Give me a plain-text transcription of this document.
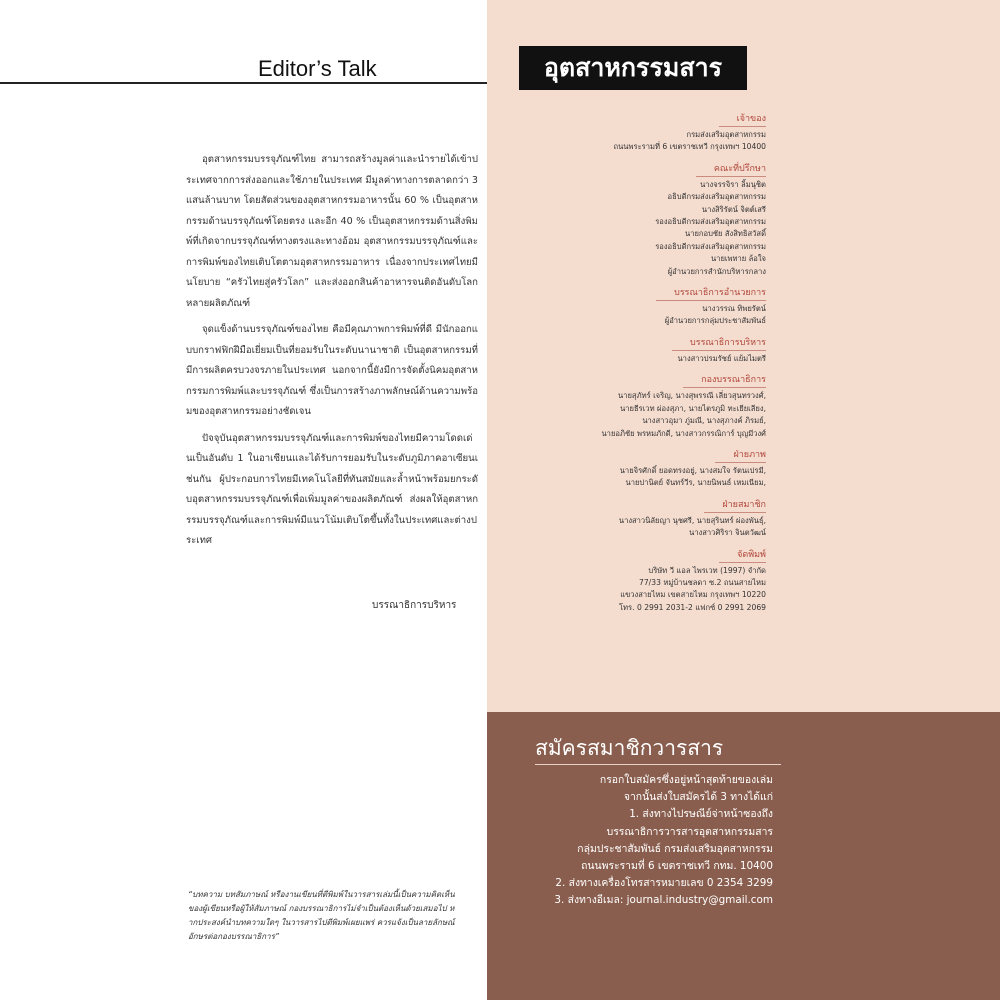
Editor’s Talk

อุตสาหกรรมบรรจุภัณฑ์ไทย สามารถสร้างมูลค่าและนำรายได้เข้าประเทศจากการส่งออกและใช้ภายในประเทศ มีมูลค่าทางการตลาดกว่า 3 แสนล้านบาท โดยสัดส่วนของอุตสาหกรรมอาหารนั้น 60 % เป็นอุตสาหกรรมด้านบรรจุภัณฑ์โดยตรง และอีก 40 % เป็นอุตสาหกรรมด้านสิ่งพิมพ์ที่เกิดจากบรรจุภัณฑ์ทางตรงและทางอ้อม อุตสาหกรรมบรรจุภัณฑ์และการพิมพ์ของไทยเติบโตตามอุตสาหกรรมอาหาร เนื่องจากประเทศไทยมีนโยบาย “ครัวไทยสู่ครัวโลก” และส่งออกสินค้าอาหารจนติดอันดับโลกหลายผลิตภัณฑ์

จุดแข็งด้านบรรจุภัณฑ์ของไทย คือมีคุณภาพการพิมพ์ที่ดี มีนักออกแบบกราฟฟิกฝีมือเยี่ยมเป็นที่ยอมรับในระดับนานาชาติ เป็นอุตสาหกรรมที่มีการผลิตครบวงจรภายในประเทศ นอกจากนี้ยังมีการจัดตั้งนิคมอุตสาหกรรมการพิมพ์และบรรจุภัณฑ์ ซึ่งเป็นการสร้างภาพลักษณ์ด้านความพร้อมของอุตสาหกรรมอย่างชัดเจน

ปัจจุบันอุตสาหกรรมบรรจุภัณฑ์และการพิมพ์ของไทยมีความโดดเด่นเป็นอันดับ 1 ในอาเซียนและได้รับการยอมรับในระดับภูมิภาคอาเซียนเช่นกัน ผู้ประกอบการไทยมีเทคโนโลยีที่ทันสมัยและล้ำหน้าพร้อมยกระดับอุตสาหกรรมบรรจุภัณฑ์เพื่อเพิ่มมูลค่าของผลิตภัณฑ์ ส่งผลให้อุตสาหกรรมบรรจุภัณฑ์และการพิมพ์มีแนวโน้มเติบโตขึ้นทั้งในประเทศและต่างประเทศ

บรรณาธิการบริหาร
“บทความ บทสัมภาษณ์ หรืองานเขียนที่ตีพิมพ์ในวารสารเล่มนี้เป็นความคิดเห็นของผู้เขียนหรือผู้ให้สัมภาษณ์ กองบรรณาธิการไม่จำเป็นต้องเห็นด้วยเสมอไป หากประสงค์นำบทความใดๆ ในวารสารไปตีพิมพ์เผยแพร่ ควรแจ้งเป็นลายลักษณ์อักษรต่อกองบรรณาธิการ”
อุตสาหกรรมสาร
เจ้าของ
กรมส่งเสริมอุตสาหกรรม
ถนนพระรามที่ 6 เขตราชเทวี กรุงเทพฯ 10400
คณะที่ปรึกษา
นางจรรจิรา ลิ้มนุชิต
อธิบดีกรมส่งเสริมอุตสาหกรรม
นางสิริรัตน์ จิตต์เสรี
รองอธิบดีกรมส่งเสริมอุตสาหกรรม
นายกอบชัย สังสิทธิสวัสดิ์
รองอธิบดีกรมส่งเสริมอุตสาหกรรม
นายเพทาย ล้อใจ
ผู้อำนวยการสำนักบริหารกลาง
บรรณาธิการอำนวยการ
นางวรรณ ทิพยรัตน์
ผู้อำนวยการกลุ่มประชาสัมพันธ์
บรรณาธิการบริหาร
นางสาวปรมรัชย์ แย้มไมตรี
กองบรรณาธิการ
นายสุภัทร์ เจริญ, นางสุพรรณี เลี่ยวสุนทรวงศ์,
นายธีรเวท ผ่องสุภา, นายไตรภูมิ ทะเยียเลียง,
นางสาวอุมา ภู่มณี, นางสุภางค์ ภิรมย์,
นายอภิชัย พรหมภักดี, นางสาวกรรณิการ์ บุญมีวงศ์
ฝ่ายภาพ
นายจิรศักดิ์ ยอดทรงอยู่, นางสมใจ รัตนเปรมี,
นายปานิตย์ จันทร์วีร, นายนิพนธ์ เหมเนียม,
ฝ่ายสมาชิก
นางสาวนิลัยญา นุชศรี, นายสุรินทร์ ผ่องพันธุ์,
นางสาวศิริรา จินตวัฒน์
จัดพิมพ์
บริษัท วี แอล ไพรเวท (1997) จำกัด
77/33 หมู่บ้านชลดา ซ.2 ถนนสายไหม
แขวงสายไหม เขตสายไหม กรุงเทพฯ 10220
โทร. 0 2991 2031-2 แฟกซ์ 0 2991 2069
สมัครสมาชิกวารสาร
กรอกใบสมัครซึ่งอยู่หน้าสุดท้ายของเล่ม
จากนั้นส่งใบสมัครได้ 3 ทางได้แก่
1. ส่งทางไปรษณีย์จ่าหน้าซองถึง
บรรณาธิการวารสารอุตสาหกรรมสาร
กลุ่มประชาสัมพันธ์ กรมส่งเสริมอุตสาหกรรม
ถนนพระรามที่ 6 เขตราชเทวี กทม. 10400
2. ส่งทางเครื่องโทรสารหมายเลข 0 2354 3299
3. ส่งทางอีเมล: journal.industry@gmail.com
